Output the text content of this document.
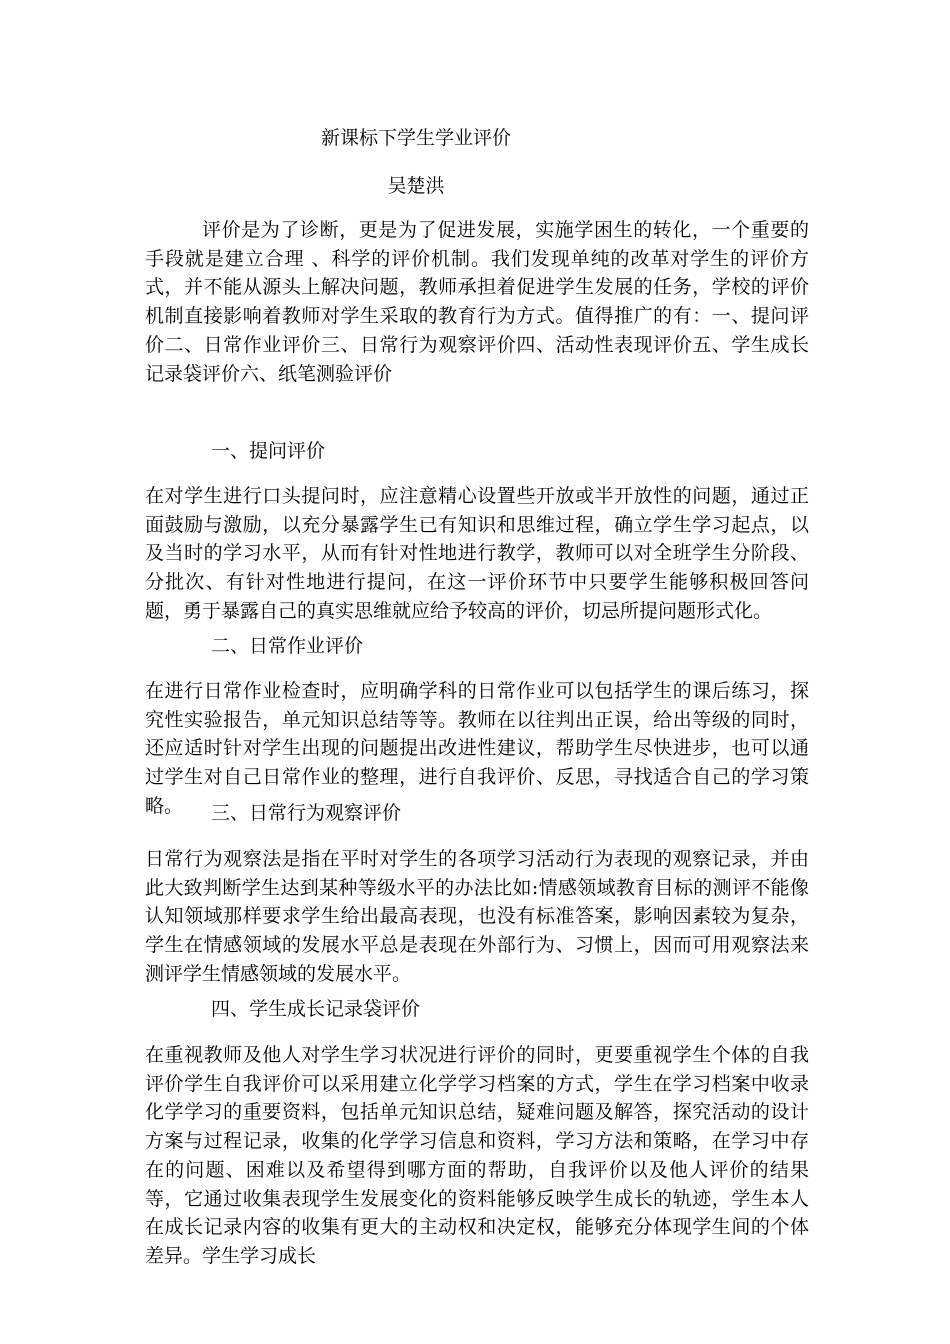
新课标下学生学业评价

吴楚洪

评价是为了诊断，更是为了促进发展，实施学困生的转化，一个重要的手段就是建立合理 、科学的评价机制。我们发现单纯的改革对学生的评价方式，并不能从源头上解决问题，教师承担着促进学生发展的任务，学校的评价机制直接影响着教师对学生采取的教育行为方式。值得推广的有：一、提问评价二、日常作业评价三、日常行为观察评价四、活动性表现评价五、学生成长记录袋评价六、纸笔测验评价

一、提问评价

在对学生进行口头提问时，应注意精心设置些开放或半开放性的问题，通过正面鼓励与激励，以充分暴露学生已有知识和思维过程，确立学生学习起点，以及当时的学习水平，从而有针对性地进行教学，教师可以对全班学生分阶段、分批次、有针对性地进行提问，在这一评价环节中只要学生能够积极回答问题，勇于暴露自己的真实思维就应给予较高的评价，切忌所提问题形式化。

二、日常作业评价

在进行日常作业检查时，应明确学科的日常作业可以包括学生的课后练习，探究性实验报告，单元知识总结等等。教师在以往判出正误，给出等级的同时，还应适时针对学生出现的问题提出改进性建议，帮助学生尽快进步，也可以通过学生对自己日常作业的整理，进行自我评价、反思，寻找适合自己的学习策略。	三、日常行为观察评价

日常行为观察法是指在平时对学生的各项学习活动行为表现的观察记录，并由此大致判断学生达到某种等级水平的办法比如:情感领域教育目标的测评不能像认知领域那样要求学生给出最高表现，也没有标准答案，影响因素较为复杂，学生在情感领域的发展水平总是表现在外部行为、习惯上，因而可用观察法来测评学生情感领域的发展水平。

四、学生成长记录袋评价

在重视教师及他人对学生学习状况进行评价的同时，更要重视学生个体的自我评价学生自我评价可以采用建立化学学习档案的方式，学生在学习档案中收录化学学习的重要资料，包括单元知识总结，疑难问题及解答，探究活动的设计方案与过程记录，收集的化学学习信息和资料，学习方法和策略，在学习中存在的问题、困难以及希望得到哪方面的帮助，自我评价以及他人评价的结果等，它通过收集表现学生发展变化的资料能够反映学生成长的轨迹，学生本人在成长记录内容的收集有更大的主动权和决定权，能够充分体现学生间的个体差异。学生学习成长
